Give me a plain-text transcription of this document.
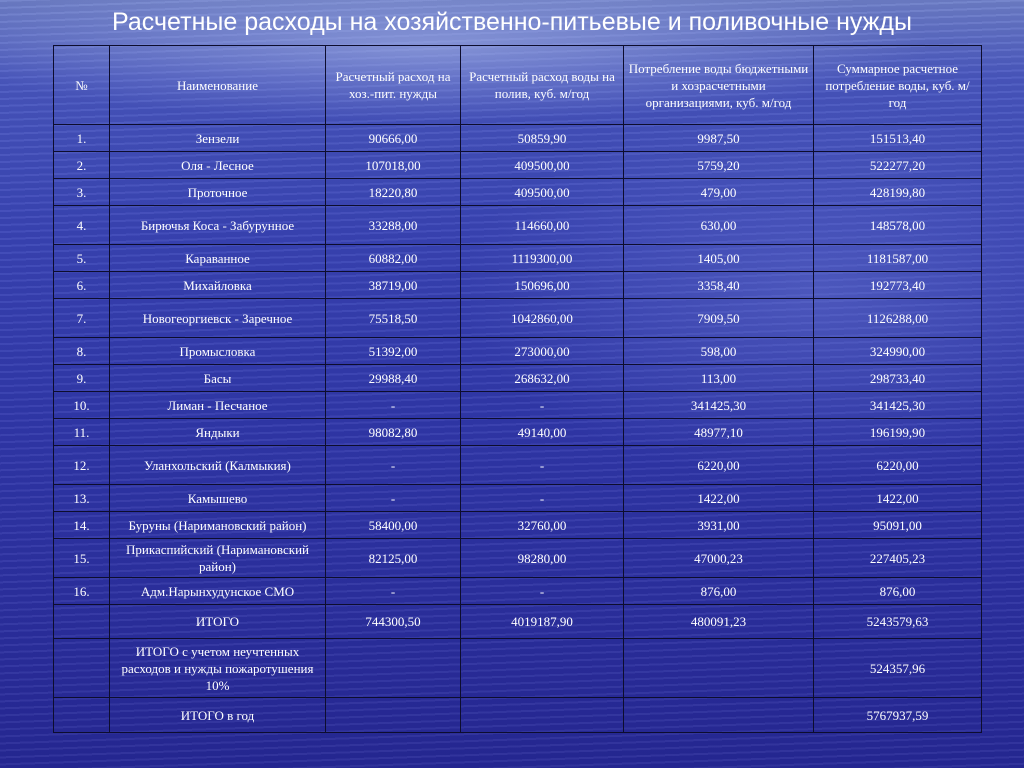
Расчетные расходы на хозяйственно-питьевые и поливочные нужды
№	Наименование	Расчетный расход на хоз.-пит. нужды	Расчетный расход воды на полив, куб. м/год	Потребление воды бюджетными и хозрасчетными организациями, куб. м/год	Суммарное расчетное потребление воды, куб. м/год
1.	Зензели	90666,00	50859,90	9987,50	151513,40
2.	Оля - Лесное	107018,00	409500,00	5759,20	522277,20
3.	Проточное	18220,80	409500,00	479,00	428199,80
4.	Бирючья Коса - Забурунное	33288,00	114660,00	630,00	148578,00
5.	Караванное	60882,00	1119300,00	1405,00	1181587,00
6.	Михайловка	38719,00	150696,00	3358,40	192773,40
7.	Новогеоргиевск - Заречное	75518,50	1042860,00	7909,50	1126288,00
8.	Промысловка	51392,00	273000,00	598,00	324990,00
9.	Басы	29988,40	268632,00	113,00	298733,40
10.	Лиман - Песчаное	-	-	341425,30	341425,30
11.	Яндыки	98082,80	49140,00	48977,10	196199,90
12.	Уланхольский (Калмыкия)	-	-	6220,00	6220,00
13.	Камышево	-	-	1422,00	1422,00
14.	Буруны (Наримановский район)	58400,00	32760,00	3931,00	95091,00
15.	Прикаспийский (Наримановский район)	82125,00	98280,00	47000,23	227405,23
16.	Адм.Нарынхудунское СМО	-	-	876,00	876,00
	ИТОГО	744300,50	4019187,90	480091,23	5243579,63
	ИТОГО с учетом неучтенных расходов и нужды пожаротушения 10%				524357,96
	ИТОГО в год				5767937,59
